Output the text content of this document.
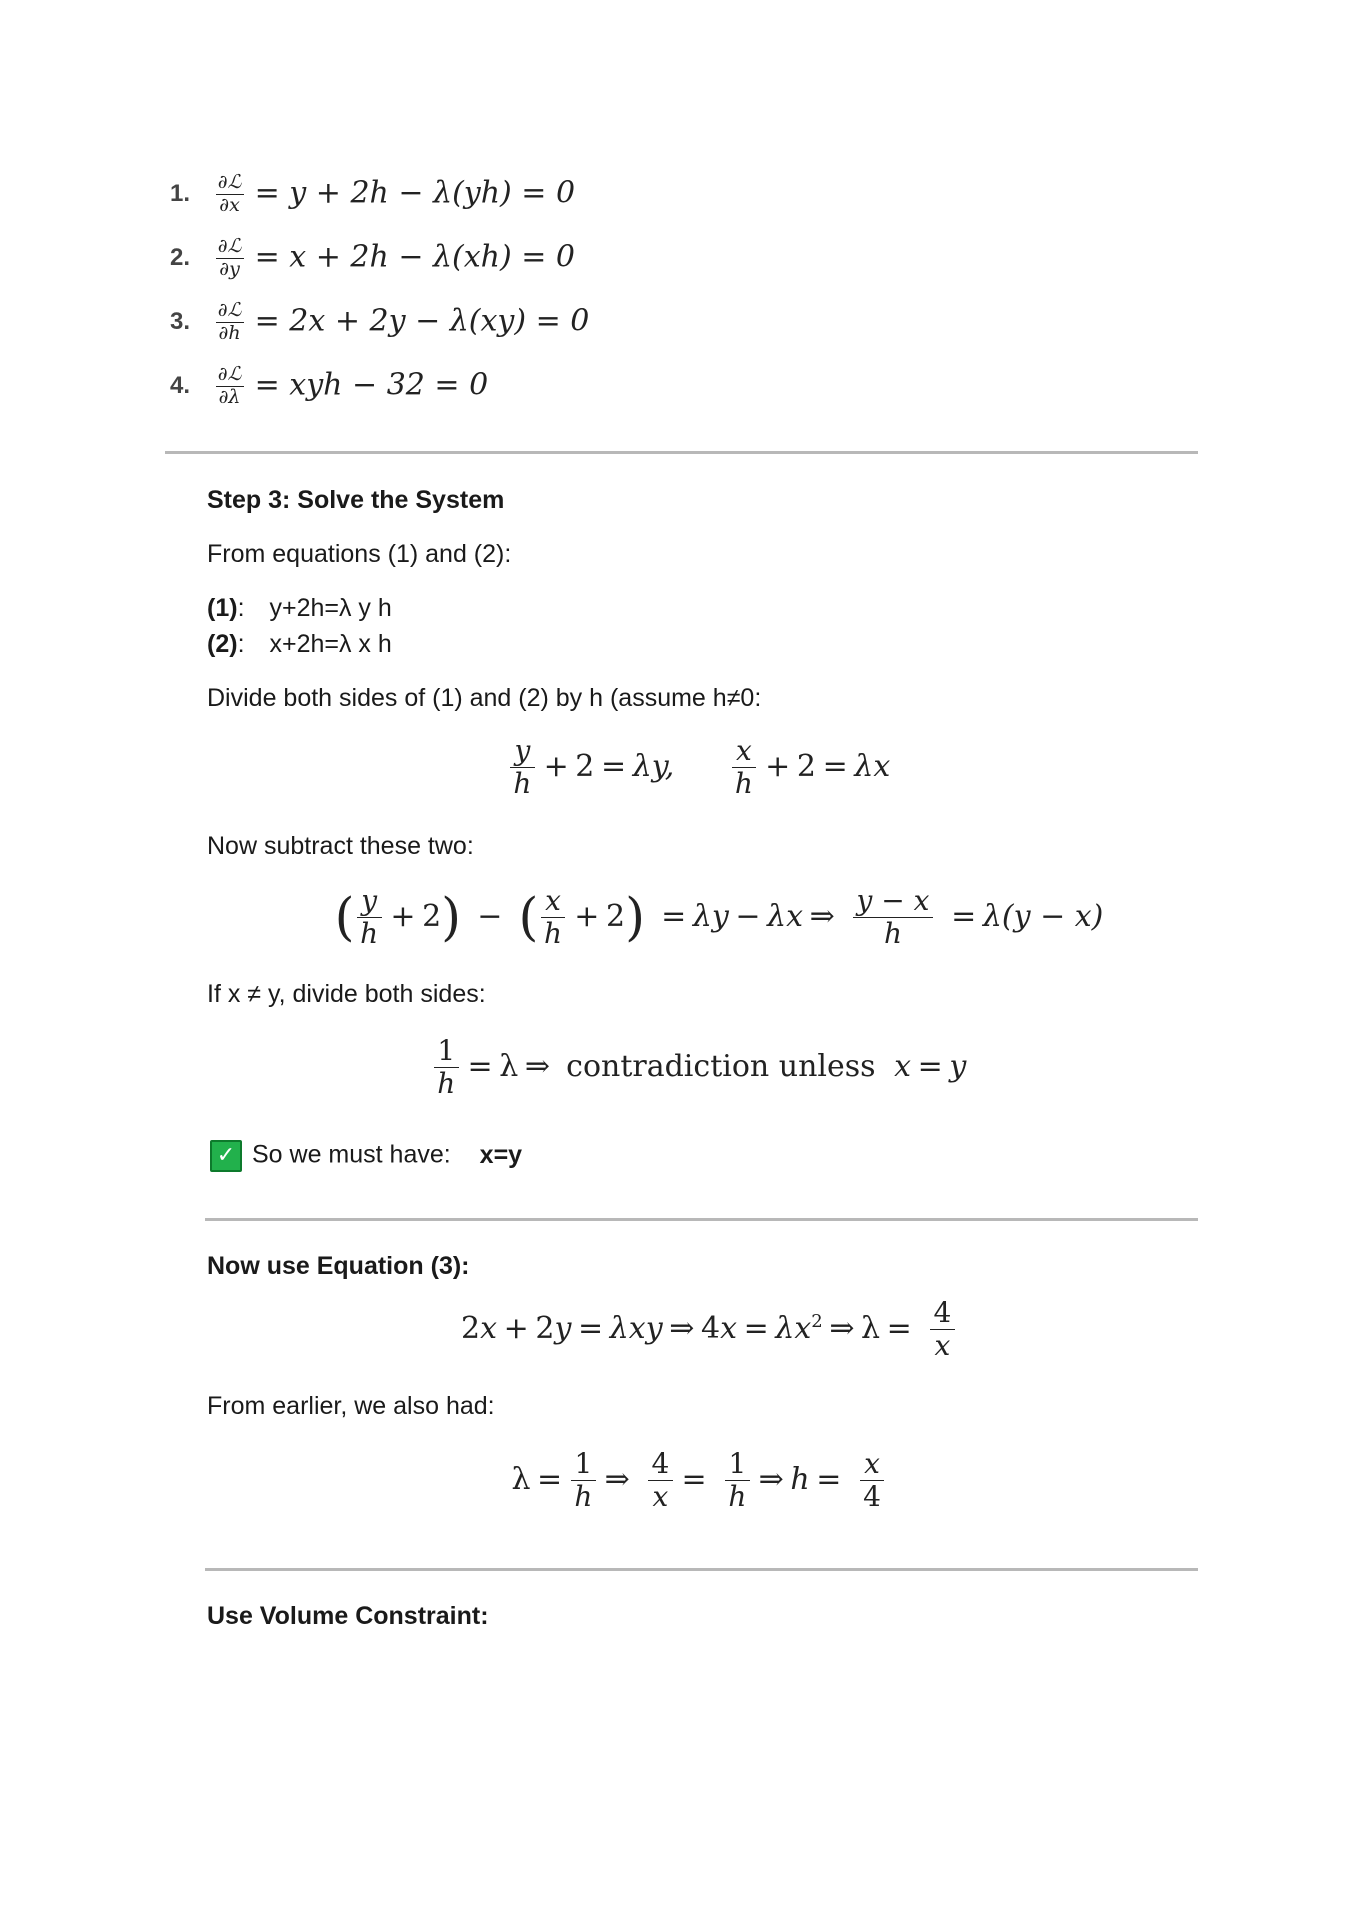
1.	$\frac{\text{∂ℒ}}{\partial x} = y + 2h - \lambda(yh) = 0$
2.	$\frac{\text{∂ℒ}}{\partial y} = x + 2h - \lambda(xh) = 0$
3.	$\frac{\text{∂ℒ}}{\partial h} = 2x + 2y - \lambda(xy) = 0$
4.	$\frac{\text{∂ℒ}}{\partial\lambda}$ = xyh − 32 = 0
Step 3: Solve the System
From equations (1) and (2):
(1): y+2h=λ y h
(2): x+2h=λ x h
Divide both sides of (1) and (2) by h (assume h≠0:
$\frac{y}{h} + 2 = \lambda y$, $\frac{x}{h} + 2 = \lambda x$
Now subtract these two:
( $\frac{y}{h} + 2$) − ( $\frac{x}{h} + 2) = \lambda y - \lambda x$ ⇒ $\frac{y - x}{h} = \lambda(y - x)$
If x ≠ y, divide both sides:
$\frac{1}{h} = \lambda$ ⇒ contradiction unless x = y
✓ So we must have: x=y
Now use Equation (3):
2x + 2y = λxy ⇒ $4x = \lambda x^2$ ⇒ $\lambda = \frac{4}{x}$
From earlier, we also had:
$\lambda = \frac{1}{h}$ ⇒ $\frac{4}{x} = \frac{1}{h}$ ⇒ $h = \frac{x}{4}$
Use Volume Constraint:
